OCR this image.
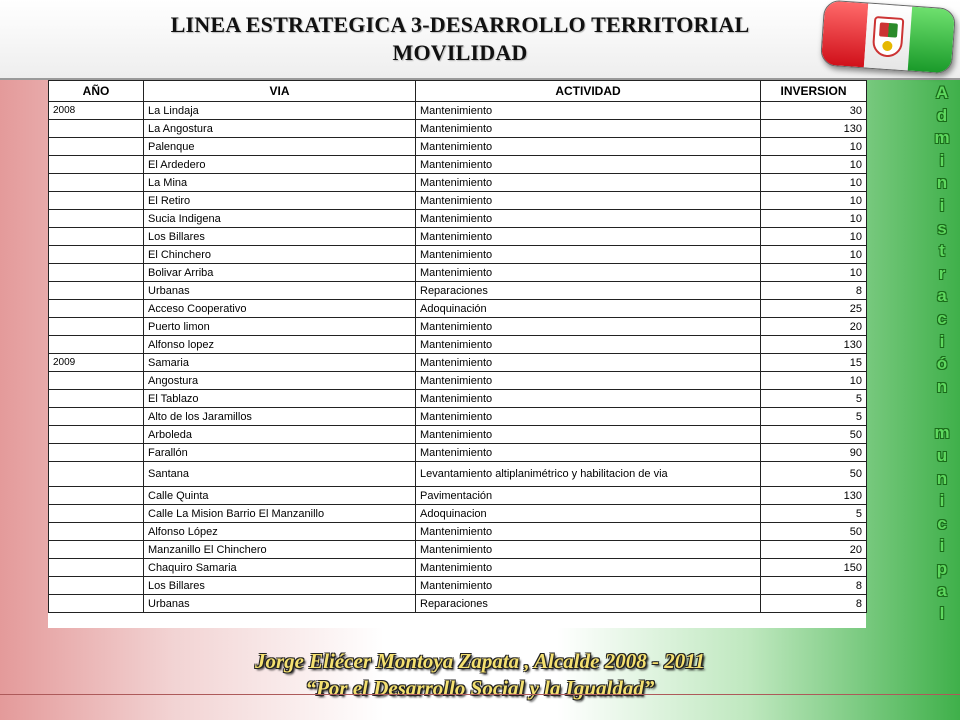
LINEA ESTRATEGICA 3-DESARROLLO TERRITORIAL
MOVILIDAD
AÑO	VIA	ACTIVIDAD	INVERSION
2008	La Lindaja	Mantenimiento	30
	La Angostura	Mantenimiento	130
	Palenque	Mantenimiento	10
	El Ardedero	Mantenimiento	10
	La Mina	Mantenimiento	10
	El Retiro	Mantenimiento	10
	Sucia Indigena	Mantenimiento	10
	Los Billares	Mantenimiento	10
	El Chinchero	Mantenimiento	10
	Bolivar Arriba	Mantenimiento	10
	Urbanas	Reparaciones	8
	Acceso Cooperativo	Adoquinación	25
	Puerto limon	Mantenimiento	20
	Alfonso lopez	Mantenimiento	130
2009	Samaria	Mantenimiento	15
	Angostura	Mantenimiento	10
	El Tablazo	Mantenimiento	5
	Alto de los Jaramillos	Mantenimiento	5
	Arboleda	Mantenimiento	50
	Farallón	Mantenimiento	90
	Santana	Levantamiento altiplanimétrico y habilitacion de via	50
	Calle Quinta	Pavimentación	130
	Calle La Mision Barrio El Manzanillo	Adoquinacion	5
	Alfonso López	Mantenimiento	50
	Manzanillo El Chinchero	Mantenimiento	20
	Chaquiro Samaria	Mantenimiento	150
	Los Billares	Mantenimiento	8
	Urbanas	Reparaciones	8
A
d
m
i
n
i
s
t
r
a
c
i
ó
n
m
u
n
i
c
i
p
a
l
Jorge Eliécer Montoya Zapata , Alcalde 2008 - 2011
“Por el Desarrollo Social y la Igualdad”
